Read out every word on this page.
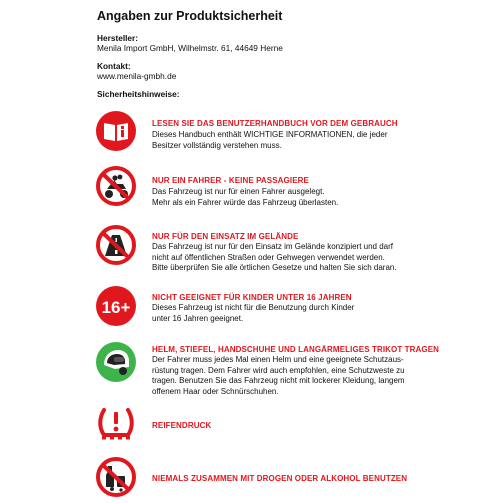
Angaben zur Produktsicherheit
Hersteller:
Menila Import GmbH, Wilhelmstr. 61, 44649 Herne
Kontakt:
www.menila-gmbh.de
Sicherheitshinweise:
LESEN SIE DAS BENUTZERHANDBUCH VOR DEM GEBRAUCH
Dieses Handbuch enthält WICHTIGE INFORMATIONEN, die jeder
Besitzer vollständig verstehen muss.
NUR EIN FAHRER - KEINE PASSAGIERE
Das Fahrzeug ist nur für einen Fahrer ausgelegt.
Mehr als ein Fahrer würde das Fahrzeug überlasten.
NUR FÜR DEN EINSATZ IM GELÄNDE
Das Fahrzeug ist nur für den Einsatz im Gelände konzipiert und darf
nicht auf öffentlichen Straßen oder Gehwegen verwendet werden.
Bitte überprüfen Sie alle örtlichen Gesetze und halten Sie sich daran.
16+
NICHT GEEIGNET FÜR KINDER UNTER 16 JAHREN
Dieses Fahrzeug ist nicht für die Benutzung durch Kinder
unter 16 Jahren geeignet.
HELM, STIEFEL, HANDSCHUHE UND LANGÄRMELIGES TRIKOT TRAGEN
Der Fahrer muss jedes Mal einen Helm und eine geeignete Schutzaus-
rüstung tragen. Dem Fahrer wird auch empfohlen, eine Schutzweste zu
tragen. Benutzen Sie das Fahrzeug nicht mit lockerer Kleidung, langem
offenem Haar oder Schnürschuhen.
REIFENDRUCK
NIEMALS ZUSAMMEN MIT DROGEN ODER ALKOHOL BENUTZEN
